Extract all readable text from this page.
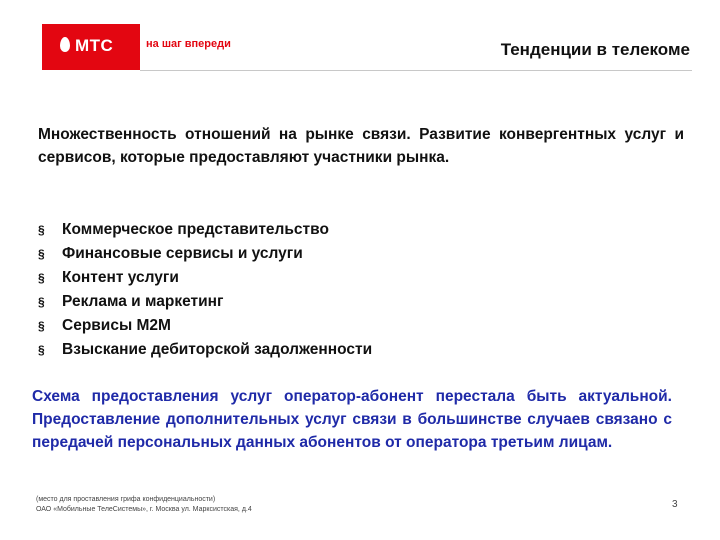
МТС	на шаг впереди	Тенденции в телекоме
Множественность отношений на рынке связи. Развитие конвергентных услуг и сервисов, которые предоставляют участники рынка.
§	Коммерческое представительство
§	Финансовые сервисы и услуги
§	Контент услуги
§	Реклама и маркетинг
§	Сервисы М2М
§	Взыскание дебиторской задолженности
Схема предоставления услуг оператор-абонент перестала быть актуальной. Предоставление дополнительных услуг связи в большинстве случаев связано с передачей персональных данных абонентов от оператора третьим лицам.
(место для проставления грифа конфиденциальности)
ОАО «Мобильные ТелеСистемы», г. Москва ул. Марксистская, д.4	3
